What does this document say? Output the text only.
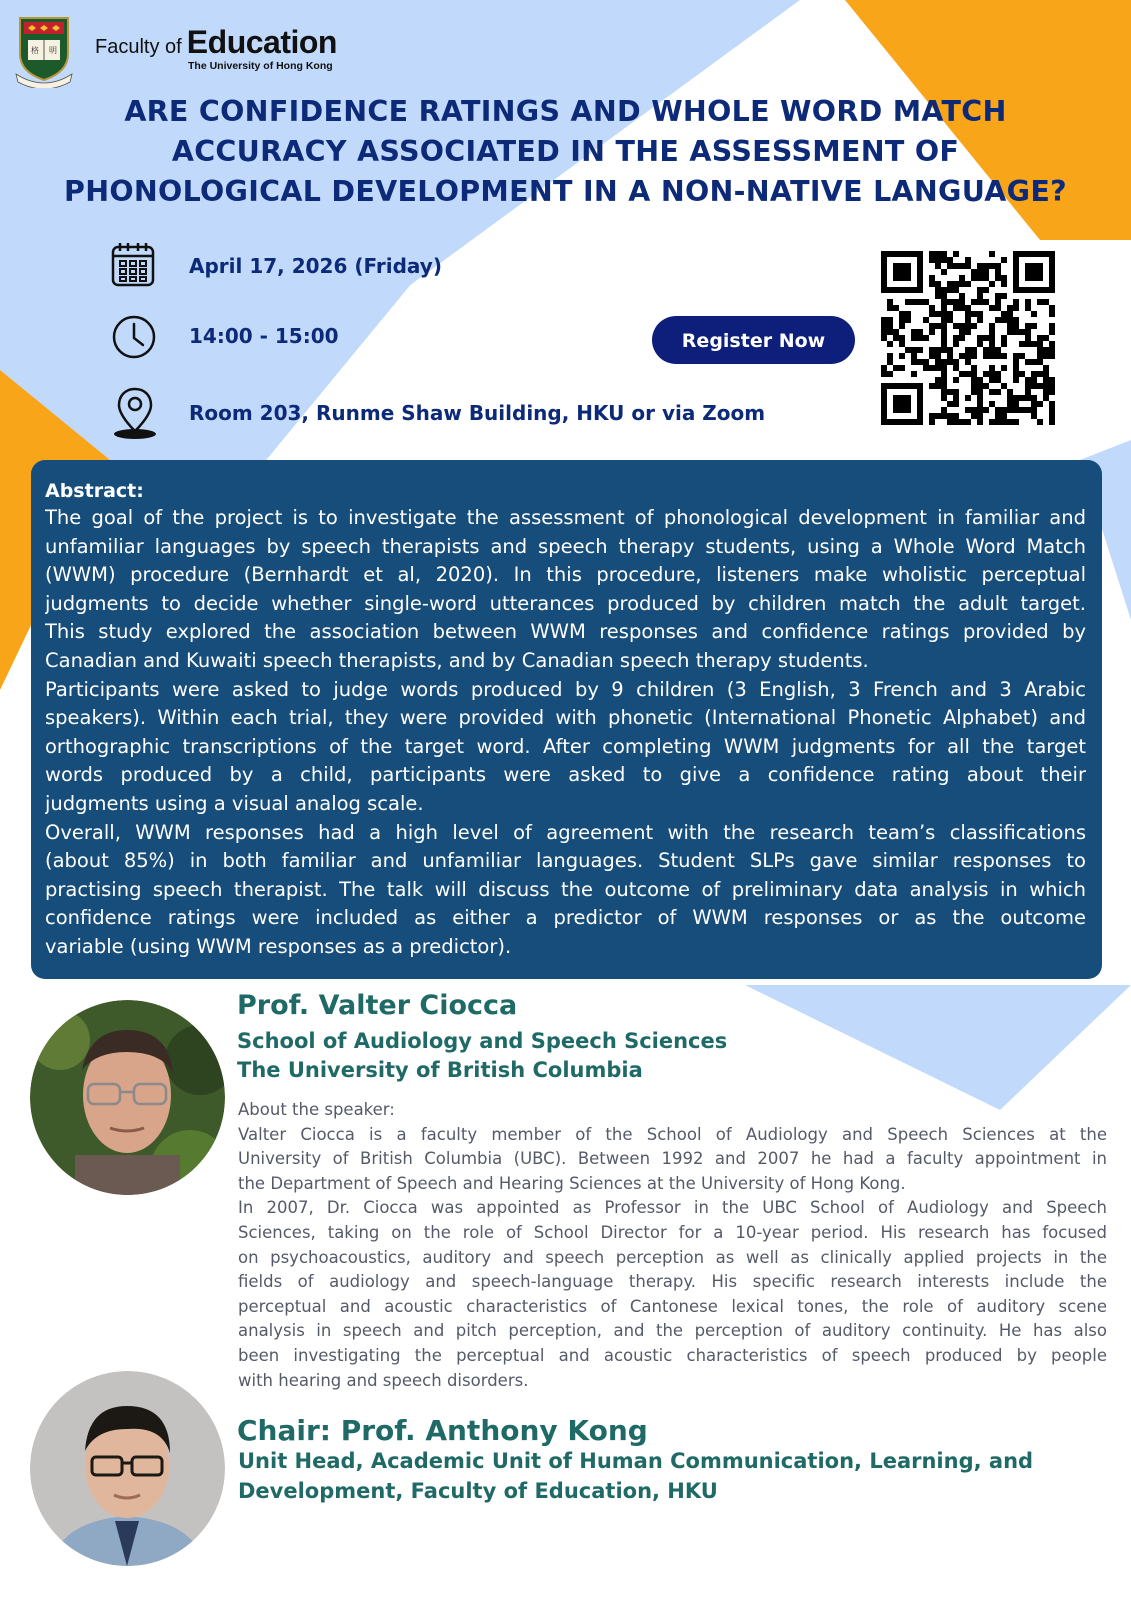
格 明 Faculty of Education
The University of Hong Kong
ARE CONFIDENCE RATINGS AND WHOLE WORD MATCH
ACCURACY ASSOCIATED IN THE ASSESSMENT OF
PHONOLOGICAL DEVELOPMENT IN A NON-NATIVE LANGUAGE?
April 17, 2026 (Friday)
14:00 - 15:00
Room 203, Runme Shaw Building, HKU or via Zoom
Register Now
Abstract:
The goal of the project is to investigate the assessment of phonological development in familiar and
unfamiliar languages by speech therapists and speech therapy students, using a Whole Word Match
(WWM) procedure (Bernhardt et al, 2020). In this procedure, listeners make wholistic perceptual
judgments to decide whether single-word utterances produced by children match the adult target.
This study explored the association between WWM responses and confidence ratings provided by
Canadian and Kuwaiti speech therapists, and by Canadian speech therapy students.
Participants were asked to judge words produced by 9 children (3 English, 3 French and 3 Arabic
speakers). Within each trial, they were provided with phonetic (International Phonetic Alphabet) and
orthographic transcriptions of the target word. After completing WWM judgments for all the target
words produced by a child, participants were asked to give a confidence rating about their
judgments using a visual analog scale.
Overall, WWM responses had a high level of agreement with the research team’s classifications
(about 85%) in both familiar and unfamiliar languages. Student SLPs gave similar responses to
practising speech therapist. The talk will discuss the outcome of preliminary data analysis in which
confidence ratings were included as either a predictor of WWM responses or as the outcome
variable (using WWM responses as a predictor).
Prof. Valter Ciocca
School of Audiology and Speech Sciences
The University of British Columbia
About the speaker:
Valter Ciocca is a faculty member of the School of Audiology and Speech Sciences at the
University of British Columbia (UBC). Between 1992 and 2007 he had a faculty appointment in
the Department of Speech and Hearing Sciences at the University of Hong Kong.
In 2007, Dr. Ciocca was appointed as Professor in the UBC School of Audiology and Speech
Sciences, taking on the role of School Director for a 10-year period. His research has focused
on psychoacoustics, auditory and speech perception as well as clinically applied projects in the
fields of audiology and speech-language therapy. His specific research interests include the
perceptual and acoustic characteristics of Cantonese lexical tones, the role of auditory scene
analysis in speech and pitch perception, and the perception of auditory continuity. He has also
been investigating the perceptual and acoustic characteristics of speech produced by people
with hearing and speech disorders.
Chair: Prof. Anthony Kong
Unit Head, Academic Unit of Human Communication, Learning, and
Development, Faculty of Education, HKU
